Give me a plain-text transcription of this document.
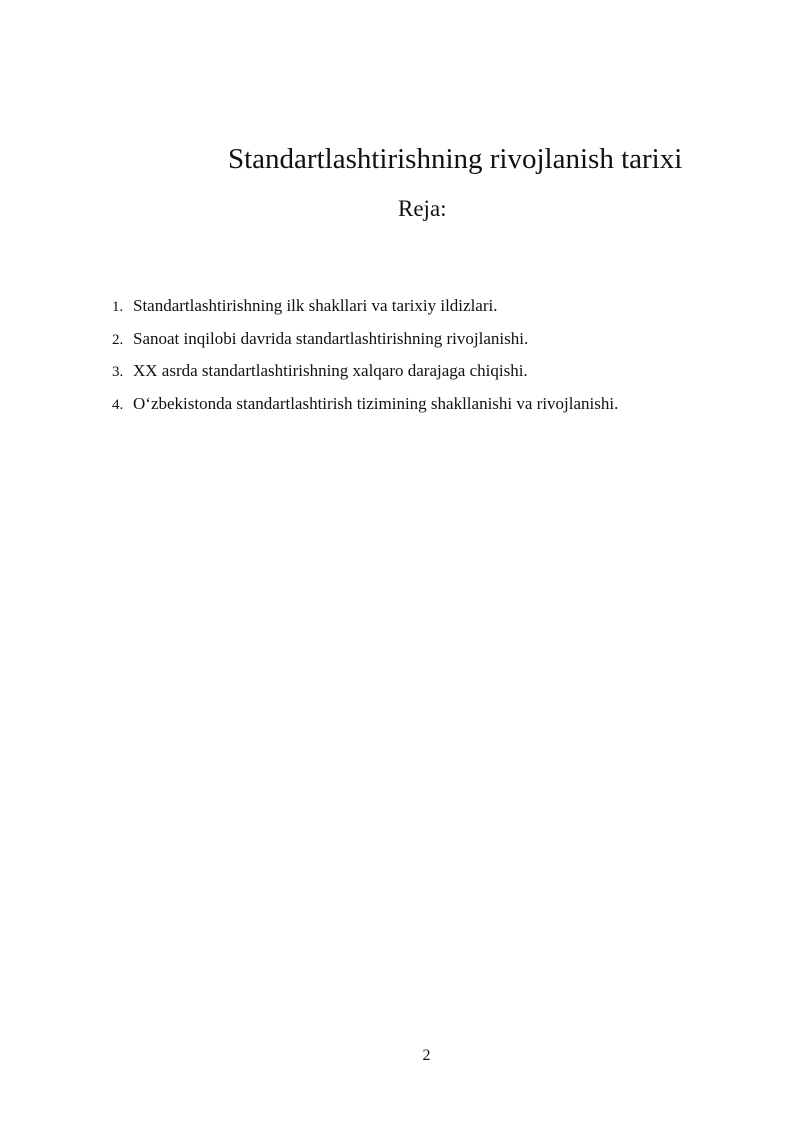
Standartlashtirishning rivojlanish tarixi
Reja:
1. Standartlashtirishning ilk shakllari va tarixiy ildizlari.
2. Sanoat inqilobi davrida standartlashtirishning rivojlanishi.
3. XX asrda standartlashtirishning xalqaro darajaga chiqishi.
4. O‘zbekistonda standartlashtirish tizimining shakllanishi va rivojlanishi.
2
